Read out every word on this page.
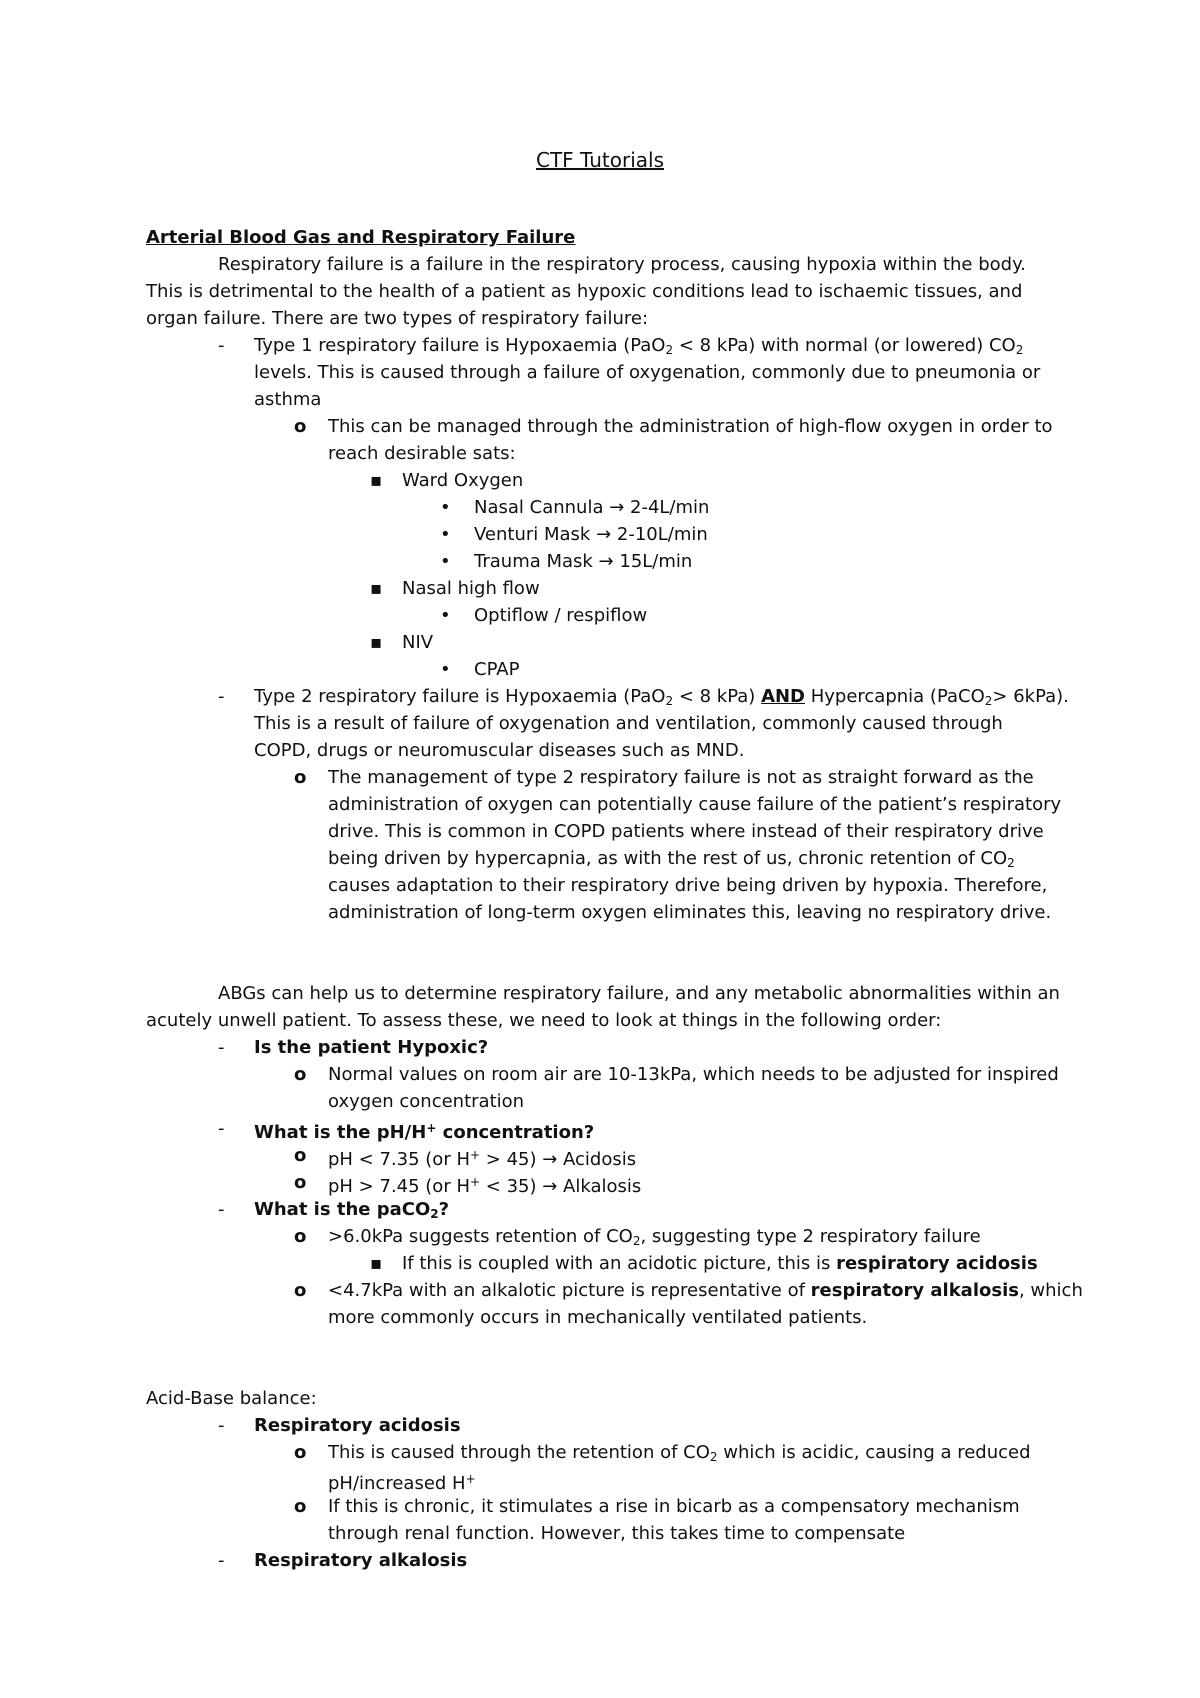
CTF Tutorials
Arterial Blood Gas and Respiratory Failure
Respiratory failure is a failure in the respiratory process, causing hypoxia within the body.
This is detrimental to the health of a patient as hypoxic conditions lead to ischaemic tissues, and
organ failure. There are two types of respiratory failure:
- Type 1 respiratory failure is Hypoxaemia (PaO$_2$ < 8 kPa) with normal (or lowered) $CO_2$
levels. This is caused through a failure of oxygenation, commonly due to pneumonia or
asthma
o This can be managed through the administration of high-flow oxygen in order to
reach desirable sats:
▪ Ward Oxygen
• Nasal Cannula → 2-4L/min
• Venturi Mask → 2-10L/min
• Trauma Mask → 15L/min
▪ Nasal high flow
• Optiflow / respiflow
▪ NIV
• CPAP
- Type 2 respiratory failure is Hypoxaemia (PaO$_2$ < 8 kPa) AND Hypercapnia (PaCO$_2$> 6kPa).
This is a result of failure of oxygenation and ventilation, commonly caused through
COPD, drugs or neuromuscular diseases such as MND.
o The management of type 2 respiratory failure is not as straight forward as the
administration of oxygen can potentially cause failure of the patient’s respiratory
drive. This is common in COPD patients where instead of their respiratory drive
being driven by hypercapnia, as with the rest of us, chronic retention of $CO_2$
causes adaptation to their respiratory drive being driven by hypoxia. Therefore,
administration of long-term oxygen eliminates this, leaving no respiratory drive.
ABGs can help us to determine respiratory failure, and any metabolic abnormalities within an
acutely unwell patient. To assess these, we need to look at things in the following order:
- Is the patient Hypoxic?
o Normal values on room air are 10-13kPa, which needs to be adjusted for inspired
oxygen concentration
- What is the pH/H+ concentration?
o pH < 7.35 (or H+ > 45) → Acidosis
o pH > 7.45 (or H+ < 35) → Alkalosis
- What is the paCO$_2$?
o >6.0kPa suggests retention of $CO_2$, suggesting type 2 respiratory failure
▪ If this is coupled with an acidotic picture, this is respiratory acidosis
o <4.7kPa with an alkalotic picture is representative of respiratory alkalosis, which
more commonly occurs in mechanically ventilated patients.
Acid-Base balance:
- Respiratory acidosis
o This is caused through the retention of $CO_2$ which is acidic, causing a reduced
pH/increased H+
o If this is chronic, it stimulates a rise in bicarb as a compensatory mechanism
through renal function. However, this takes time to compensate
- Respiratory alkalosis
